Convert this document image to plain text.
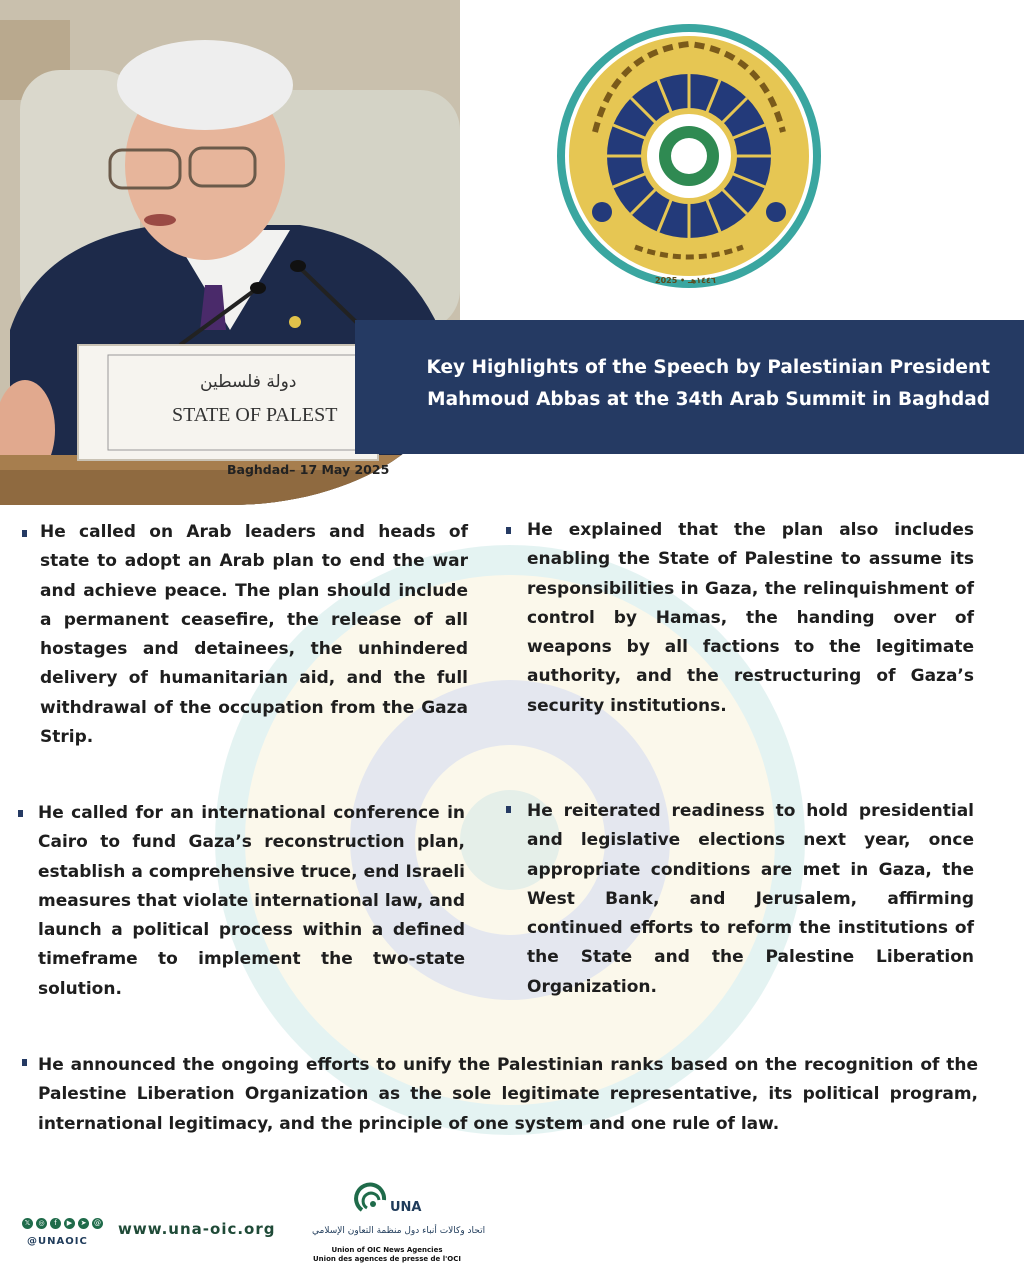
دولة فلسطين
STATE OF PALEST
2025 • ١٤٤٦هـ
Key Highlights of the Speech by Palestinian President
Mahmoud Abbas at the 34th Arab Summit in Baghdad
Baghdad– 17 May 2025

He called on Arab leaders and heads of state to adopt an Arab plan to end the war and achieve peace. The plan should include a permanent ceasefire, the release of all hostages and detainees, the unhindered delivery of humanitarian aid, and the full withdrawal of the occupation from the Gaza Strip.

He explained that the plan also includes enabling the State of Palestine to assume its responsibilities in Gaza, the relinquishment of control by Hamas, the handing over of weapons by all factions to the legitimate authority, and the restructuring of Gaza’s security institutions.

He called for an international conference in Cairo to fund Gaza’s reconstruction plan, establish a comprehensive truce, end Israeli measures that violate international law, and launch a political process within a defined timeframe to implement the two-state solution.

He reiterated readiness to hold presidential and legislative elections next year, once appropriate conditions are met in Gaza, the West Bank, and Jerusalem, affirming continued efforts to reform the institutions of the State and the Palestine Liberation Organization.

He announced the ongoing efforts to unify the Palestinian ranks based on the recognition of the Palestine Liberation Organization as the sole legitimate representative, its political program, international legitimacy, and the principle of one system and one rule of law.

𝕏	◎	f	▶	➤	@
@UNAOIC
www.una-oic.org
UNA
اتحاد وكالات أنباء دول منظمة التعاون الإسلامي
Union of OIC News Agencies
Union des agences de presse de l'OCI
